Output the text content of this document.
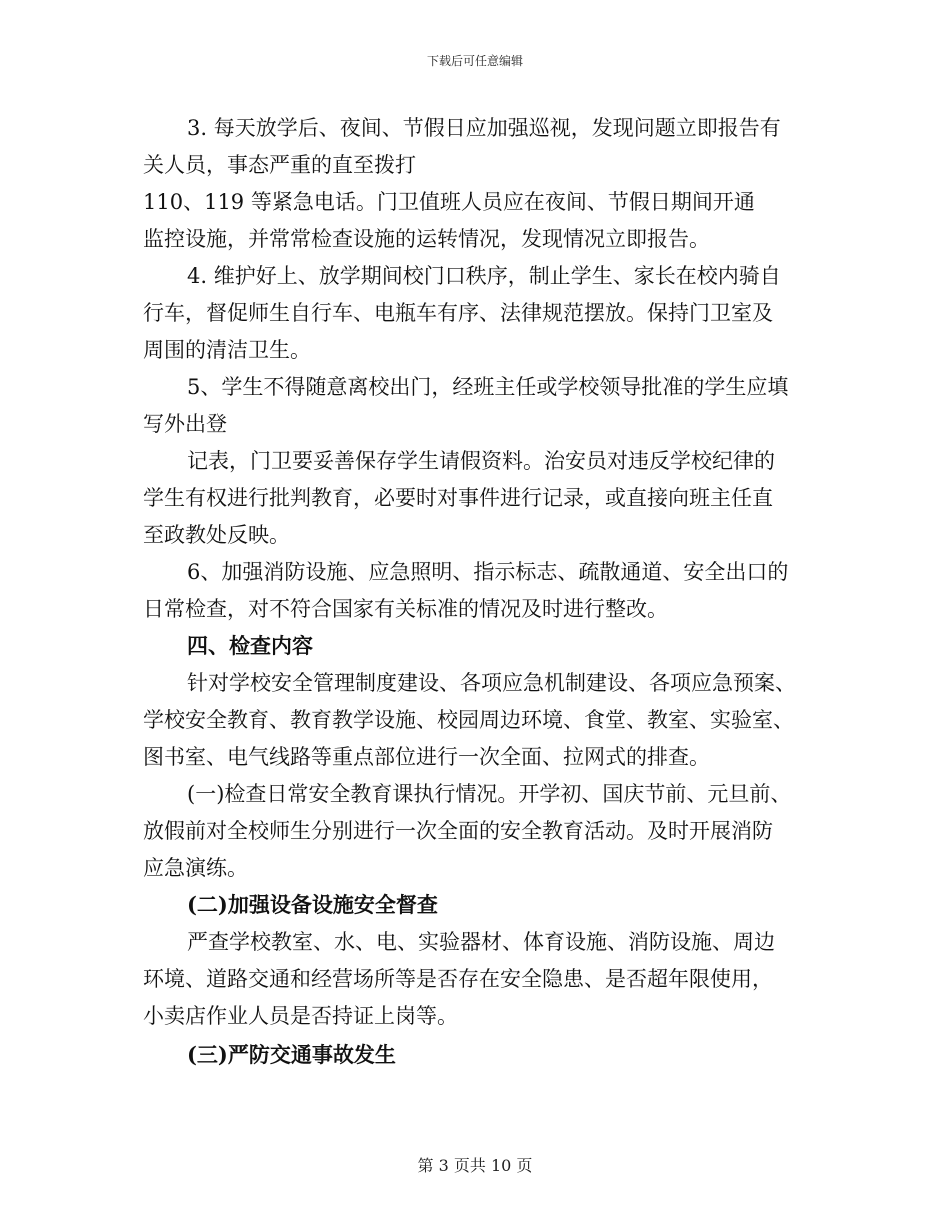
下载后可任意编辑
3. 每天放学后、夜间、节假日应加强巡视，发现问题立即报告有
关人员，事态严重的直至拨打
110、119 等紧急电话。门卫值班人员应在夜间、节假日期间开通
监控设施，并常常检查设施的运转情况，发现情况立即报告。
4. 维护好上、放学期间校门口秩序，制止学生、家长在校内骑自
行车，督促师生自行车、电瓶车有序、法律规范摆放。保持门卫室及
周围的清洁卫生。
5、学生不得随意离校出门，经班主任或学校领导批准的学生应填
写外出登
记表，门卫要妥善保存学生请假资料。治安员对违反学校纪律的
学生有权进行批判教育，必要时对事件进行记录，或直接向班主任直
至政教处反映。
6、加强消防设施、应急照明、指示标志、疏散通道、安全出口的
日常检查，对不符合国家有关标准的情况及时进行整改。
四、检查内容
针对学校安全管理制度建设、各项应急机制建设、各项应急预案、
学校安全教育、教育教学设施、校园周边环境、食堂、教室、实验室、
图书室、电气线路等重点部位进行一次全面、拉网式的排查。
(一)检查日常安全教育课执行情况。开学初、国庆节前、元旦前、
放假前对全校师生分别进行一次全面的安全教育活动。及时开展消防
应急演练。
(二)加强设备设施安全督查
严查学校教室、水、电、实验器材、体育设施、消防设施、周边
环境、道路交通和经营场所等是否存在安全隐患、是否超年限使用，
小卖店作业人员是否持证上岗等。
(三)严防交通事故发生
第 3 页共 10 页
